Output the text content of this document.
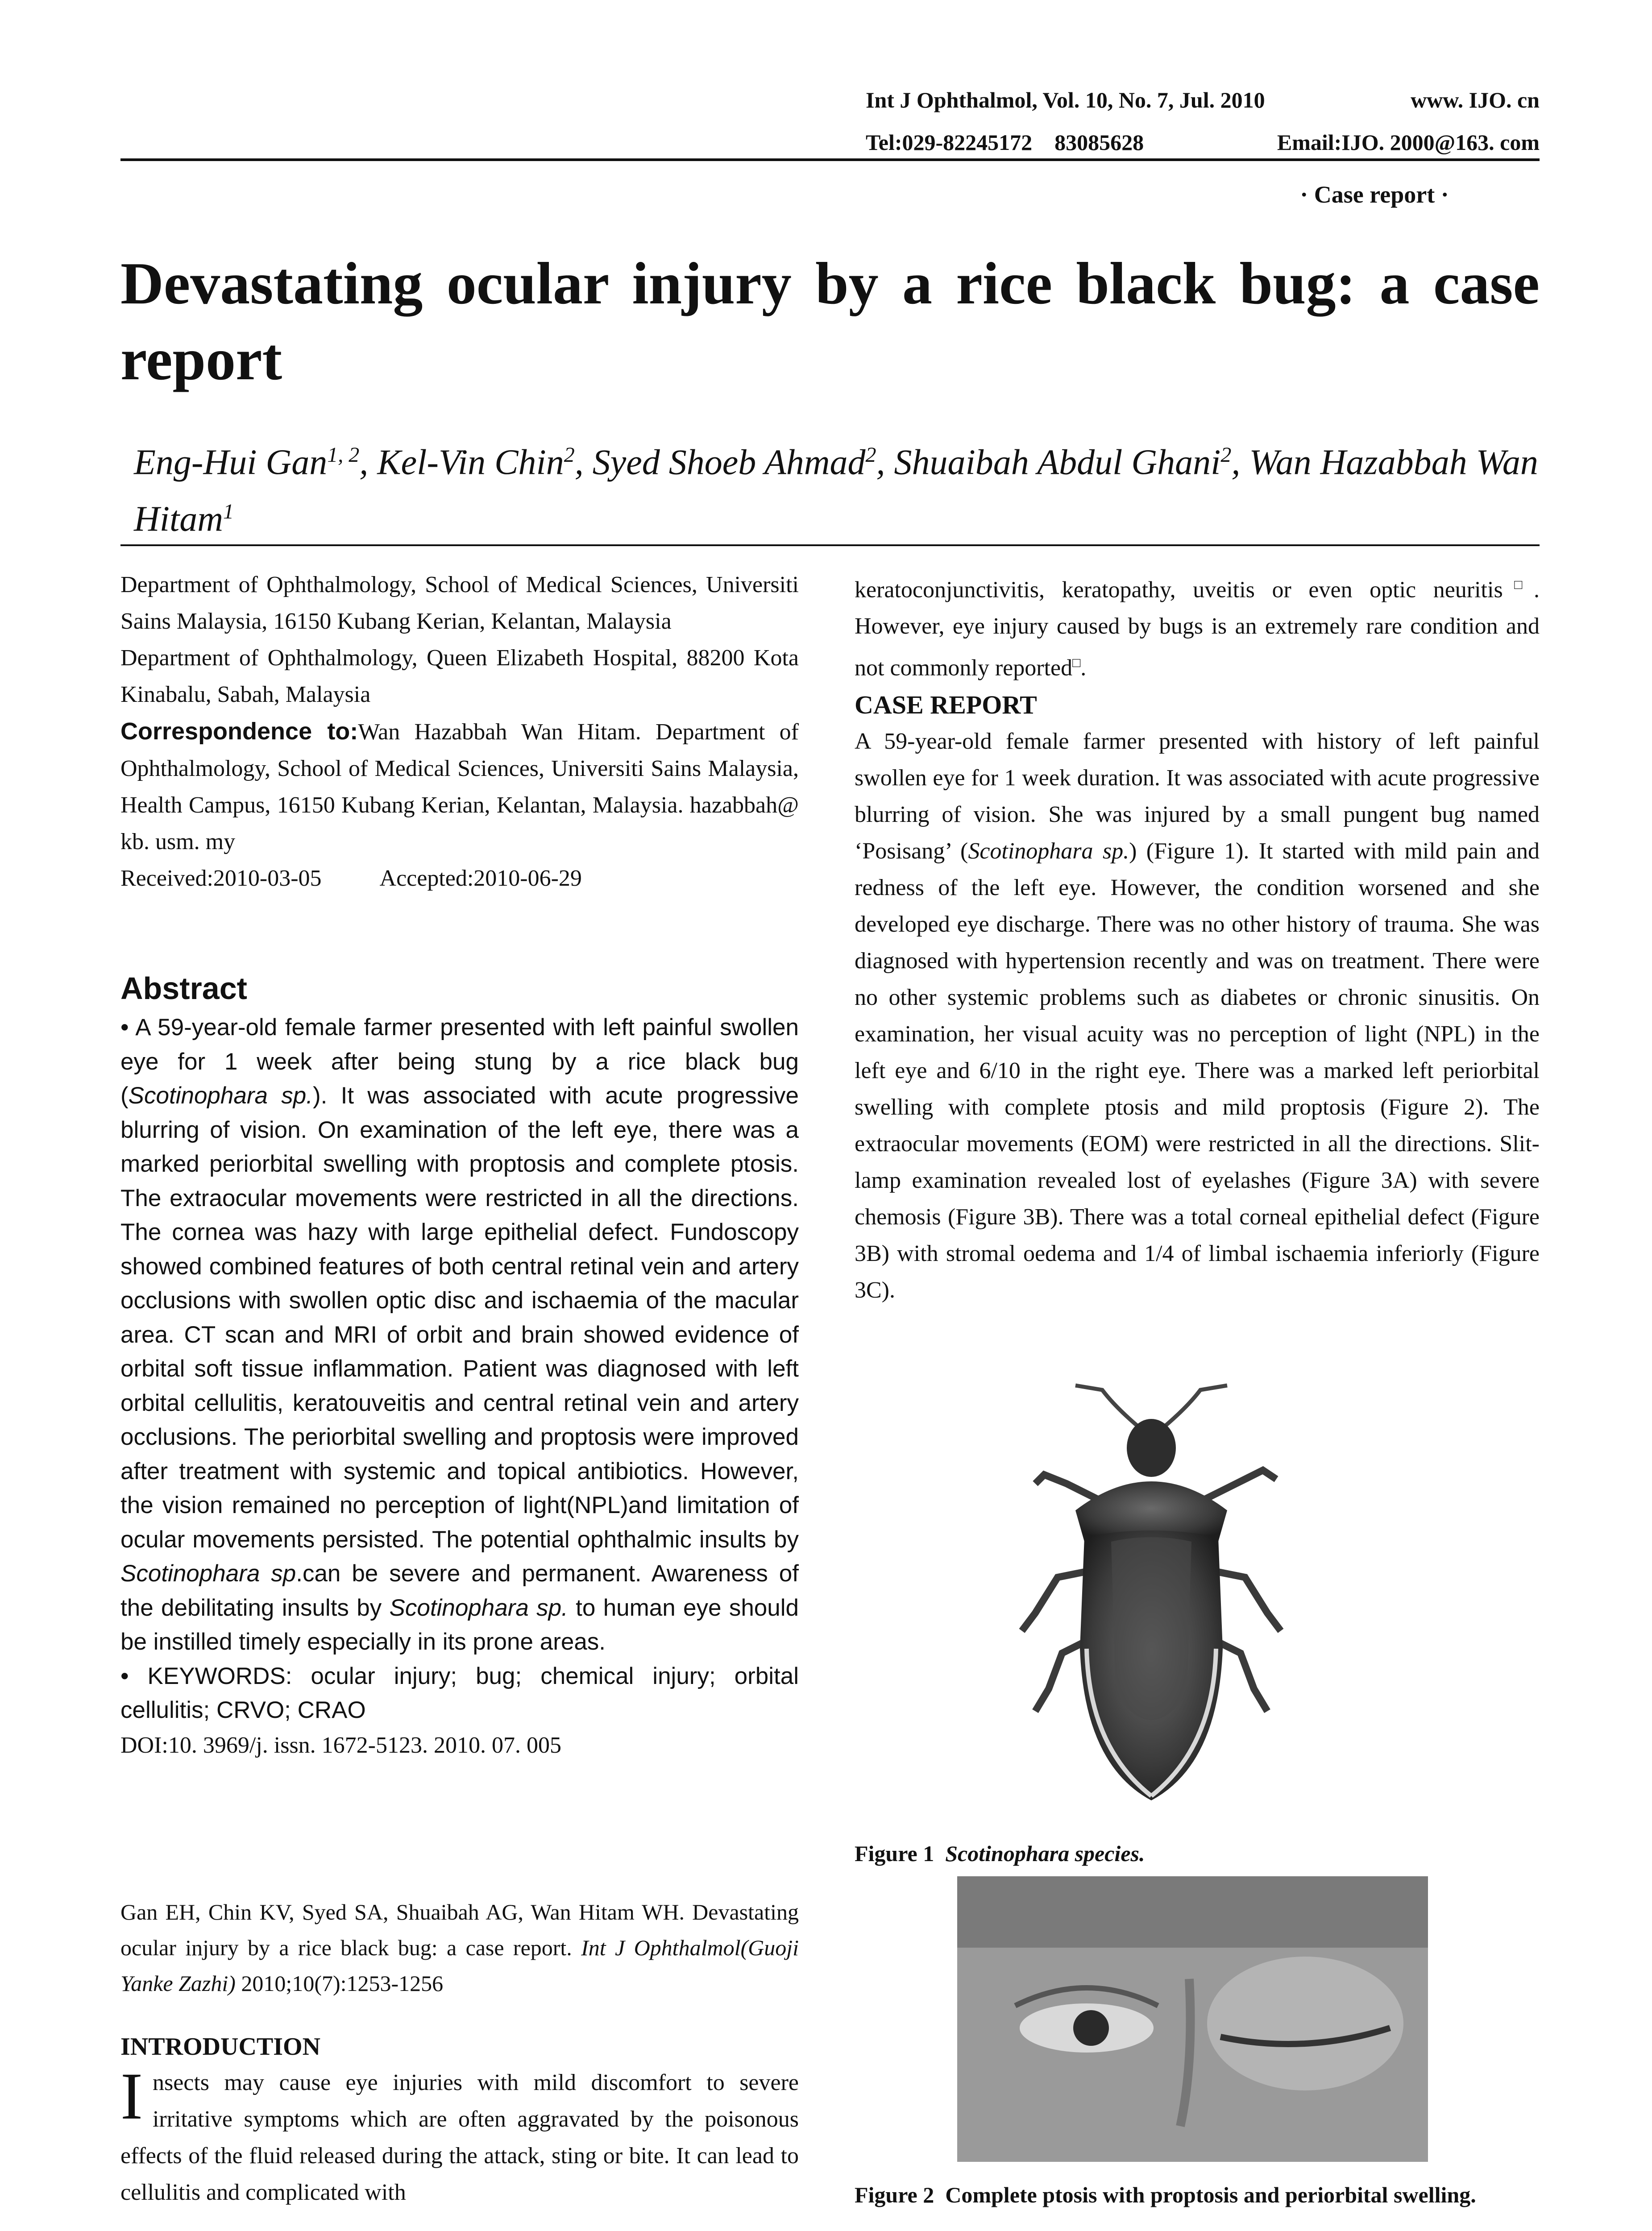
Int J Ophthalmol, Vol. 10, No. 7, Jul. 2010	www. IJO. cn
Tel:029-82245172    83085628	Email:IJO. 2000@163. com
· Case report ·
Devastating ocular injury by a rice black bug: a case report
Eng-Hui Gan$^{1, 2}$, Kel-Vin Chin$^2$, Syed Shoeb Ahmad$^2$, Shuaibah Abdul Ghani$^2$, Wan Hazabbah Wan Hitam$^1$
Department of Ophthalmology, School of Medical Sciences, Universiti Sains Malaysia, 16150 Kubang Kerian, Kelantan, Malaysia
Department of Ophthalmology, Queen Elizabeth Hospital, 88200 Kota Kinabalu, Sabah, Malaysia
Correspondence to:Wan Hazabbah Wan Hitam. Department of Ophthalmology, School of Medical Sciences, Universiti Sains Malaysia, Health Campus, 16150 Kubang Kerian, Kelantan, Malaysia. hazabbah@ kb. usm. my
Received:2010-03-05	Accepted:2010-06-29
Abstract
• A 59-year-old female farmer presented with left painful swollen eye for 1 week after being stung by a rice black bug (Scotinophara sp.). It was associated with acute progressive blurring of vision. On examination of the left eye, there was a marked periorbital swelling with proptosis and complete ptosis. The extraocular movements were restricted in all the directions. The cornea was hazy with large epithelial defect. Fundoscopy showed combined features of both central retinal vein and artery occlusions with swollen optic disc and ischaemia of the macular area. CT scan and MRI of orbit and brain showed evidence of orbital soft tissue inflammation. Patient was diagnosed with left orbital cellulitis, keratouveitis and central retinal vein and artery occlusions. The periorbital swelling and proptosis were improved after treatment with systemic and topical antibiotics. However, the vision remained no perception of light(NPL)and limitation of ocular movements persisted. The potential ophthalmic insults by Scotinophara sp.can be severe and permanent. Awareness of the debilitating insults by Scotinophara sp. to human eye should be instilled timely especially in its prone areas.
• KEYWORDS: ocular injury; bug; chemical injury; orbital cellulitis; CRVO; CRAO
DOI:10. 3969/j. issn. 1672-5123. 2010. 07. 005
Gan EH, Chin KV, Syed SA, Shuaibah AG, Wan Hitam WH. Devastating ocular injury by a rice black bug: a case report. Int J Ophthalmol(Guoji Yanke Zazhi) 2010;10(7):1253-1256
INTRODUCTION
Insects may cause eye injuries with mild discomfort to severe irritative symptoms which are often aggravated by the poisonous effects of the fluid released during the attack, sting or bite. It can lead to cellulitis and complicated with
keratoconjunctivitis, keratopathy, uveitis or even optic neuritis□. However, eye injury caused by bugs is an extremely rare condition and not commonly reported□.
CASE REPORT
A 59-year-old female farmer presented with history of left painful swollen eye for 1 week duration. It was associated with acute progressive blurring of vision. She was injured by a small pungent bug named ‘Posisang’ (Scotinophara sp.) (Figure 1). It started with mild pain and redness of the left eye. However, the condition worsened and she developed eye discharge. There was no other history of trauma. She was diagnosed with hypertension recently and was on treatment. There were no other systemic problems such as diabetes or chronic sinusitis. On examination, her visual acuity was no perception of light (NPL) in the left eye and 6/10 in the right eye. There was a marked left periorbital swelling with complete ptosis and mild proptosis (Figure 2). The extraocular movements (EOM) were restricted in all the directions. Slit-lamp examination revealed lost of eyelashes (Figure 3A) with severe chemosis (Figure 3B). There was a total corneal epithelial defect (Figure 3B) with stromal oedema and 1/4 of limbal ischaemia inferiorly (Figure 3C).
Figure 1 Scotinophara species.
Figure 2 Complete ptosis with proptosis and periorbital swelling.
